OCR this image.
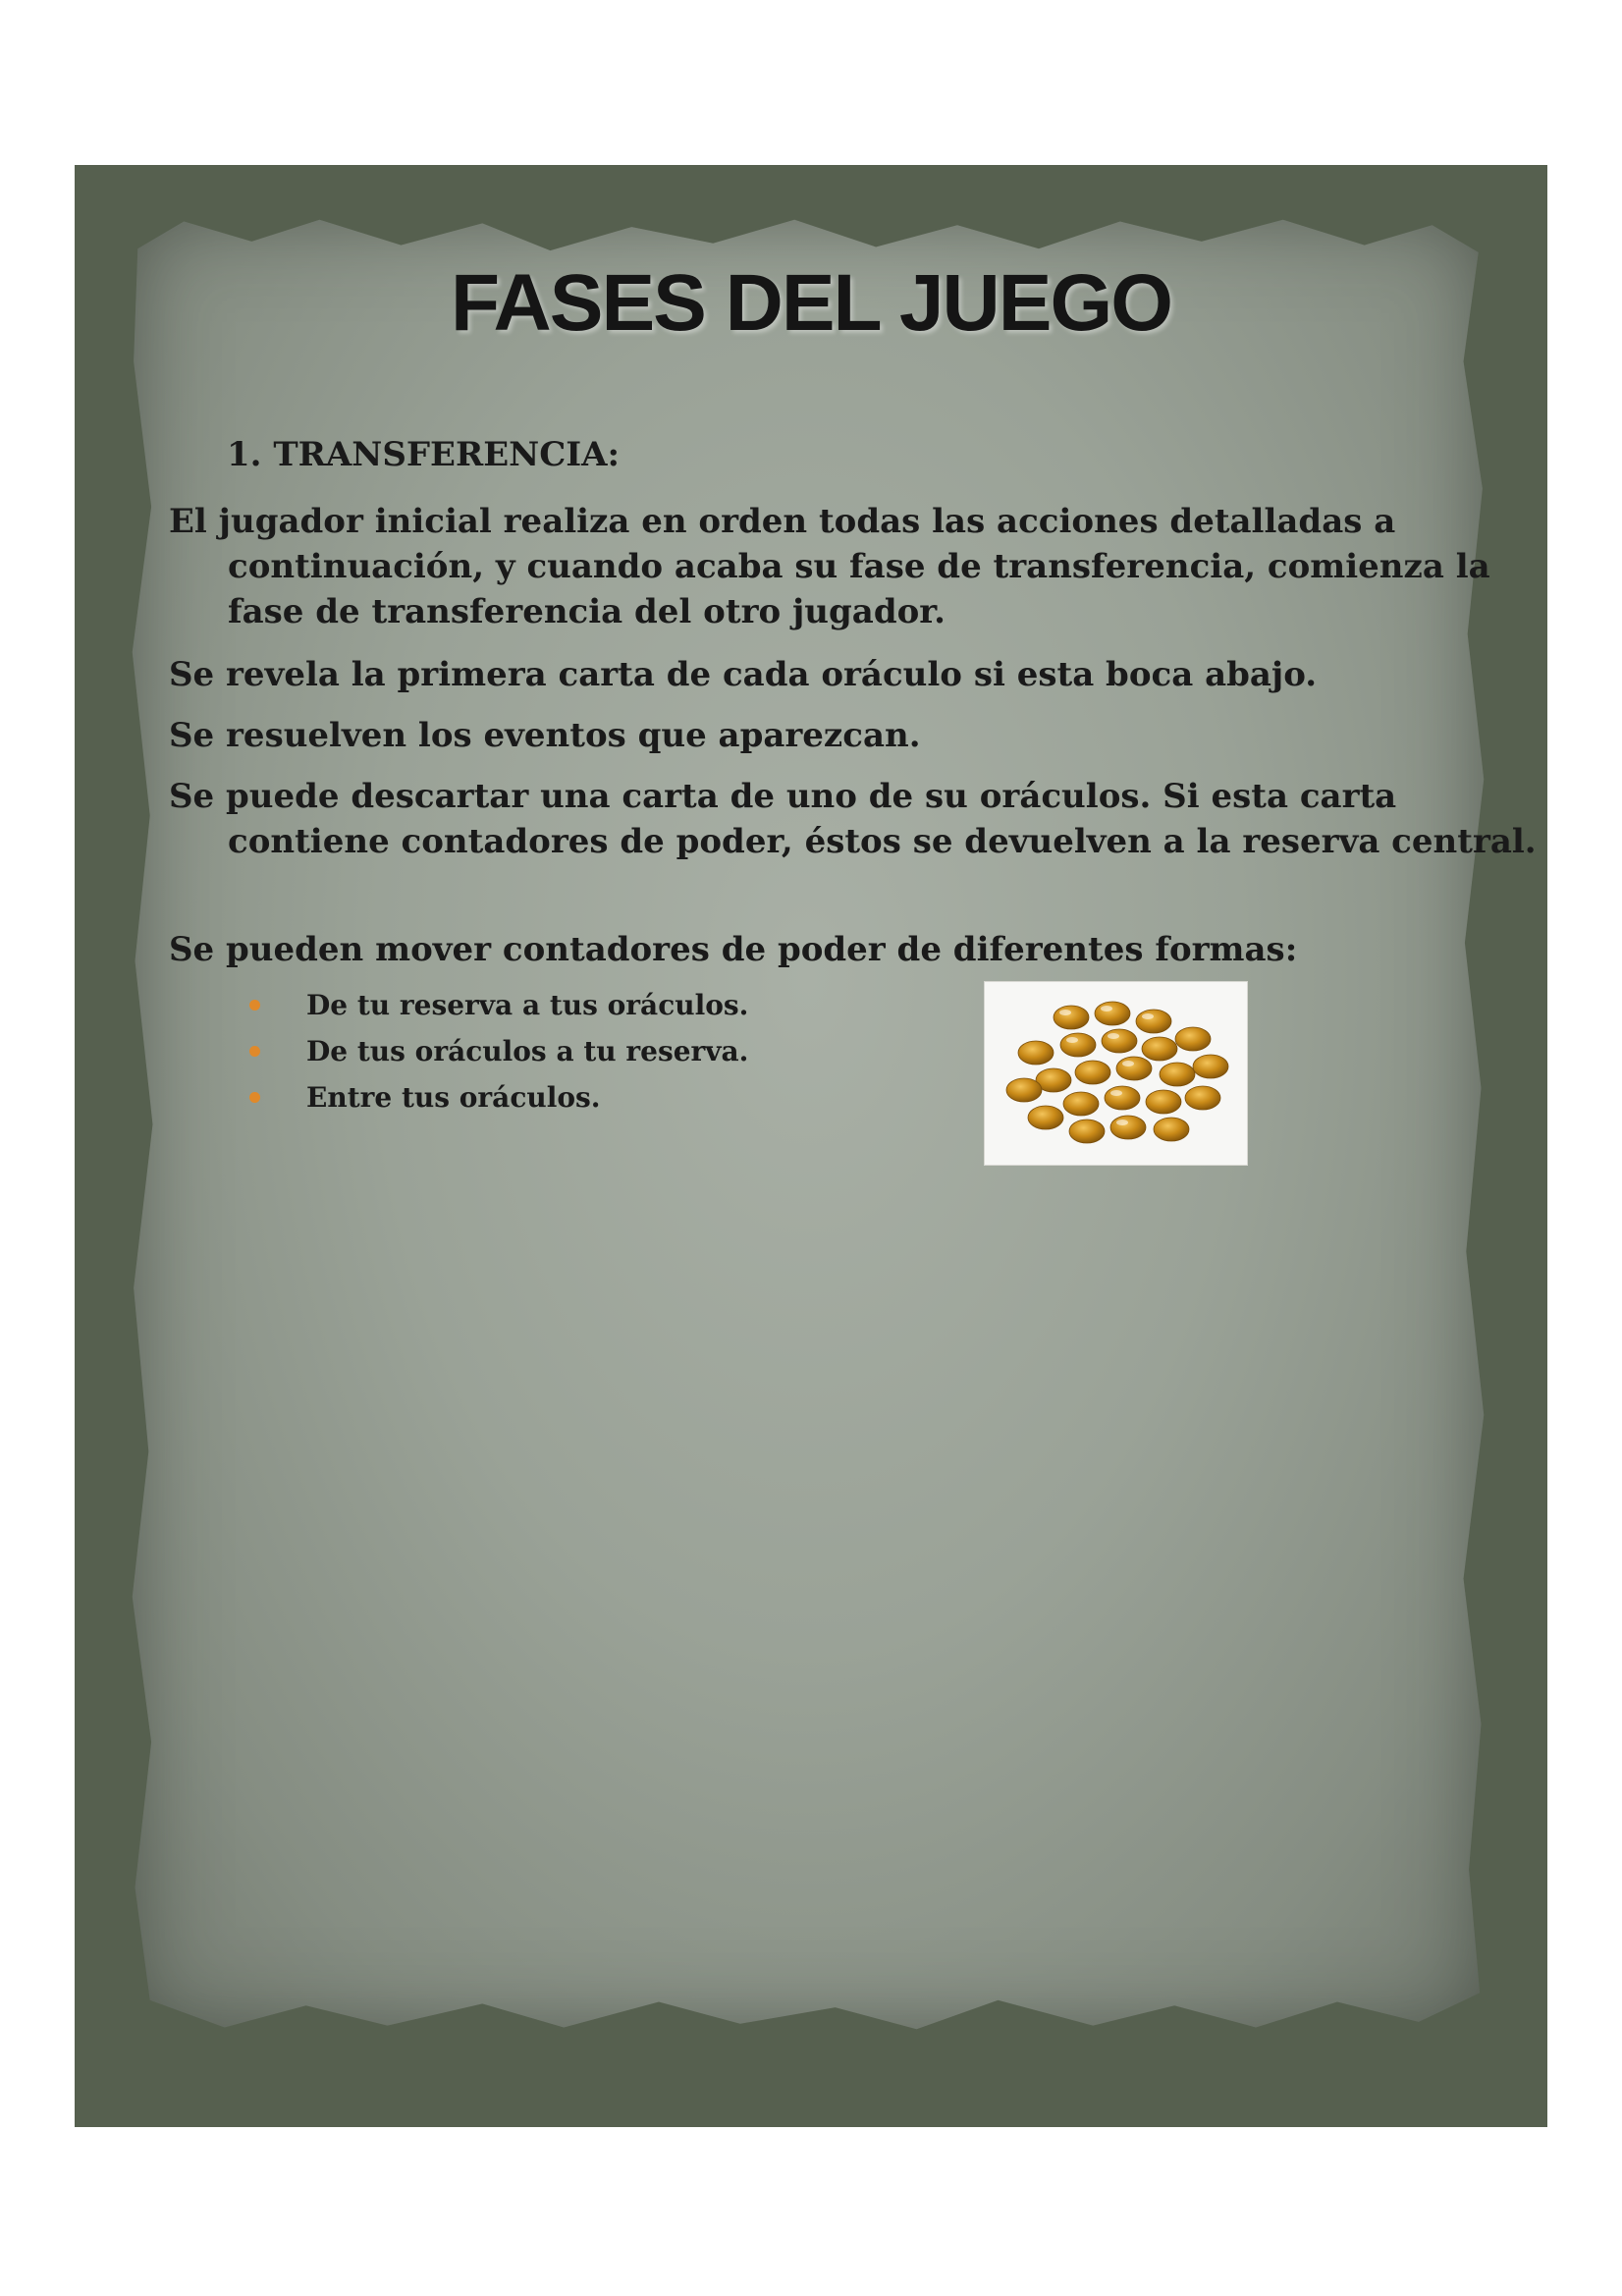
FASES DEL JUEGO

1. TRANSFERENCIA:

El jugador inicial realiza en orden todas las acciones detalladas a continuación, y cuando acaba su fase de transferencia, comienza la fase de transferencia del otro jugador.

Se revela la primera carta de cada oráculo si esta boca abajo.

Se resuelven los eventos que aparezcan.

Se puede descartar una carta de uno de su oráculos. Si esta carta contiene contadores de poder, éstos se devuelven a la reserva central.

Se pueden mover contadores de poder de diferentes formas:

De tu reserva a tus oráculos.
De tus oráculos a tu reserva.
Entre tus oráculos.
